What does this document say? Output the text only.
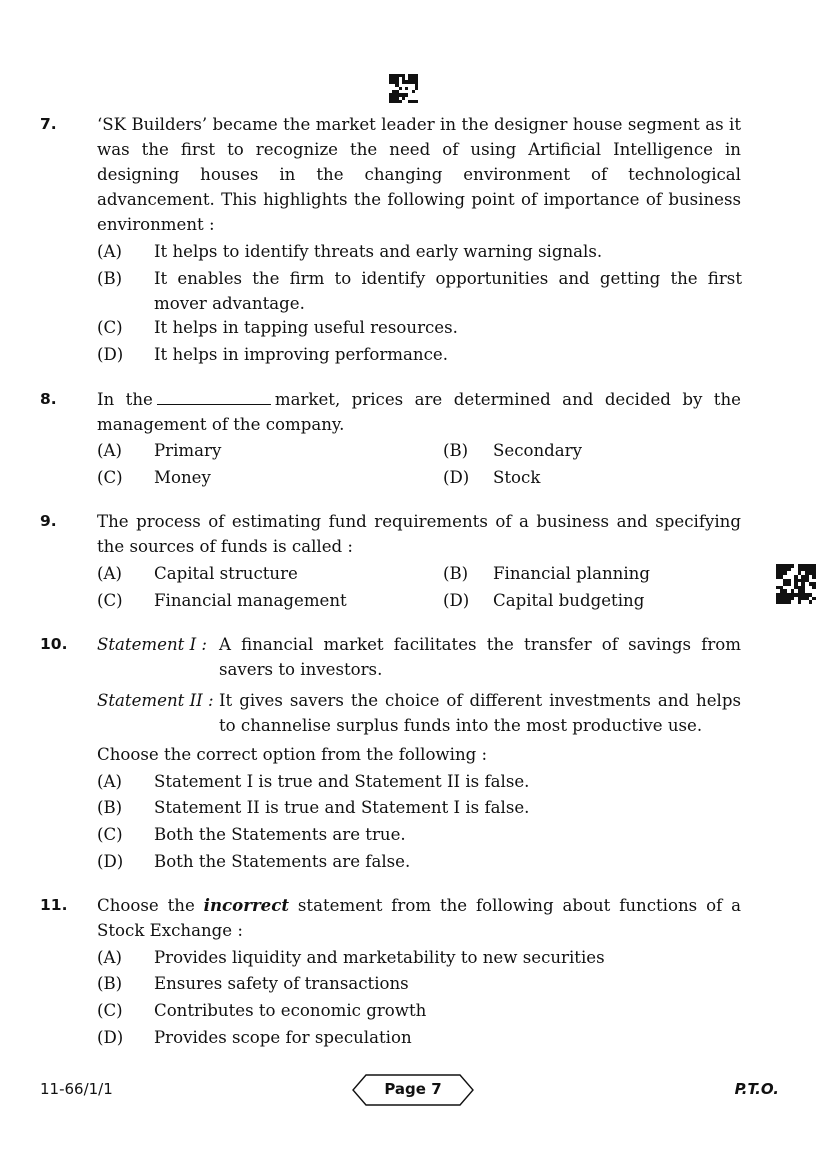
7. ‘SK Builders’ became the market leader in the designer house segment as it was the first to recognize the need of using Artificial Intelligence in designing houses in the changing environment of technological advancement. This highlights the following point of importance of business environment :
(A)	It helps to identify threats and early warning signals.
(B)	It enables the firm to identify opportunities and getting the first mover advantage.
(C)	It helps in tapping useful resources.
(D)	It helps in improving performance.
8. In the	market, prices are determined and decided by the management of the company.
(A)	Primary	(B)	Secondary
(C)	Money	(D)	Stock
9. The process of estimating fund requirements of a business and specifying the sources of funds is called :
(A)	Capital structure	(B)	Financial planning
(C)	Financial management	(D)	Capital budgeting
10. Statement I : A financial market facilitates the transfer of savings from savers to investors.
Statement II : It gives savers the choice of different investments and helps to channelise surplus funds into the most productive use.
Choose the correct option from the following :
(A)	Statement I is true and Statement II is false.
(B)	Statement II is true and Statement I is false.
(C)	Both the Statements are true.
(D)	Both the Statements are false.
11. Choose the incorrect statement from the following about functions of a Stock Exchange :
(A)	Provides liquidity and marketability to new securities
(B)	Ensures safety of transactions
(C)	Contributes to economic growth
(D)	Provides scope for speculation
11-66/1/1	Page 7	P.T.O.
